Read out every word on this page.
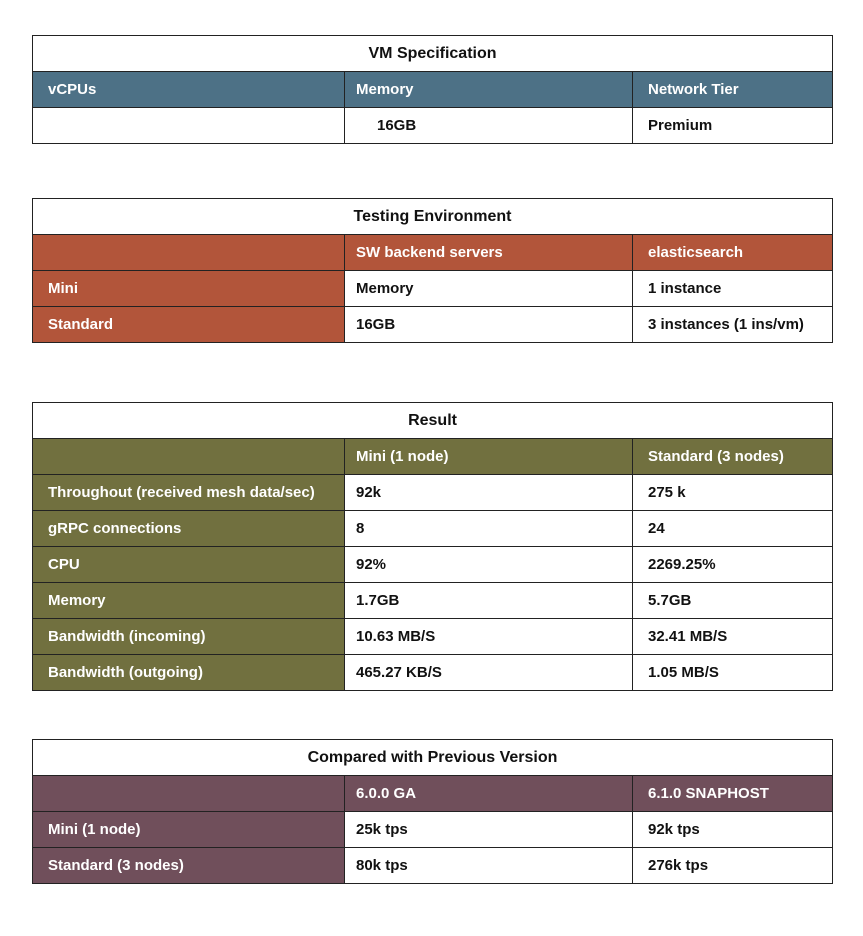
VM Specification		
vCPUs	Memory	Network Tier
	16GB	Premium
Testing Environment		
	SW backend servers	elasticsearch
Mini	Memory	1 instance
Standard	16GB	3 instances (1 ins/vm)
Result		
	Mini (1 node)	Standard (3 nodes)
Throughout (received mesh data/sec)	92k	275 k
gRPC connections	8	24
CPU	92%	2269.25%
Memory	1.7GB	5.7GB
Bandwidth (incoming)	10.63 MB/S	32.41 MB/S
Bandwidth (outgoing)	465.27 KB/S	1.05 MB/S
Compared with Previous Version		
	6.0.0 GA	6.1.0 SNAPHOST
Mini (1 node)	25k tps	92k tps
Standard (3 nodes)	80k tps	276k tps
